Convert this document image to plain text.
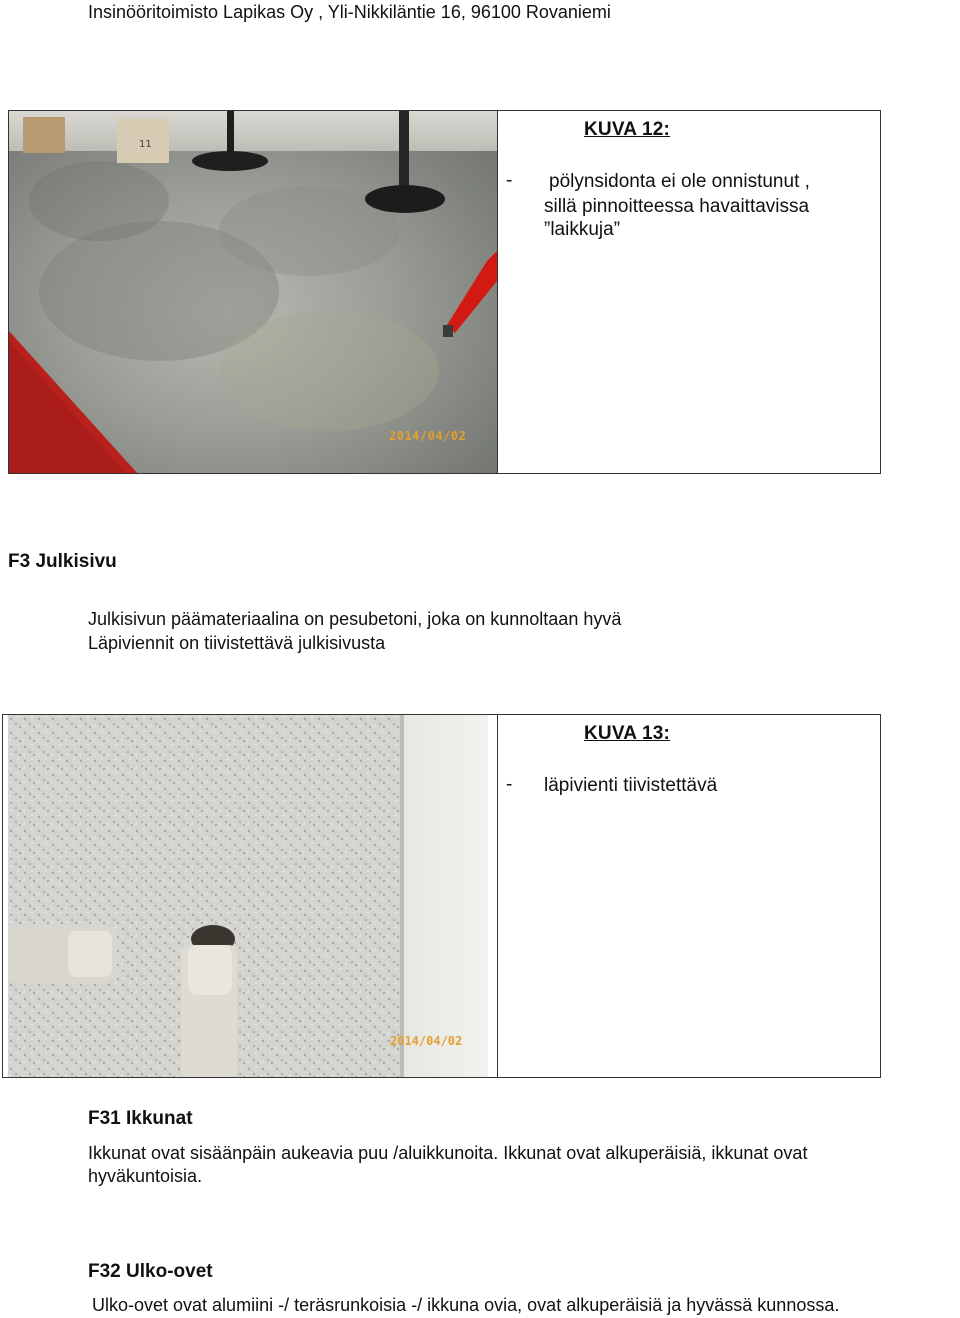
Insinööritoimisto Lapikas Oy , Yli-Nikkiläntie 16, 96100 Rovaniemi
11
2014/04/02
KUVA 12:
- pölynsidonta ei ole onnistunut ,
sillä pinnoitteessa havaittavissa
”laikkuja”
F3 Julkisivu
Julkisivun päämateriaalina on pesubetoni, joka on kunnoltaan hyvä
Läpiviennit on tiivistettävä julkisivusta
2014/04/02
KUVA 13:
- läpivienti tiivistettävä
F31 Ikkunat
Ikkunat ovat sisäänpäin aukeavia puu /aluikkunoita. Ikkunat ovat alkuperäisiä, ikkunat ovat
hyväkuntoisia.
F32 Ulko-ovet
Ulko-ovet ovat alumiini -/ teräsrunkoisia -/ ikkuna ovia, ovat alkuperäisiä ja hyvässä kunnossa.
